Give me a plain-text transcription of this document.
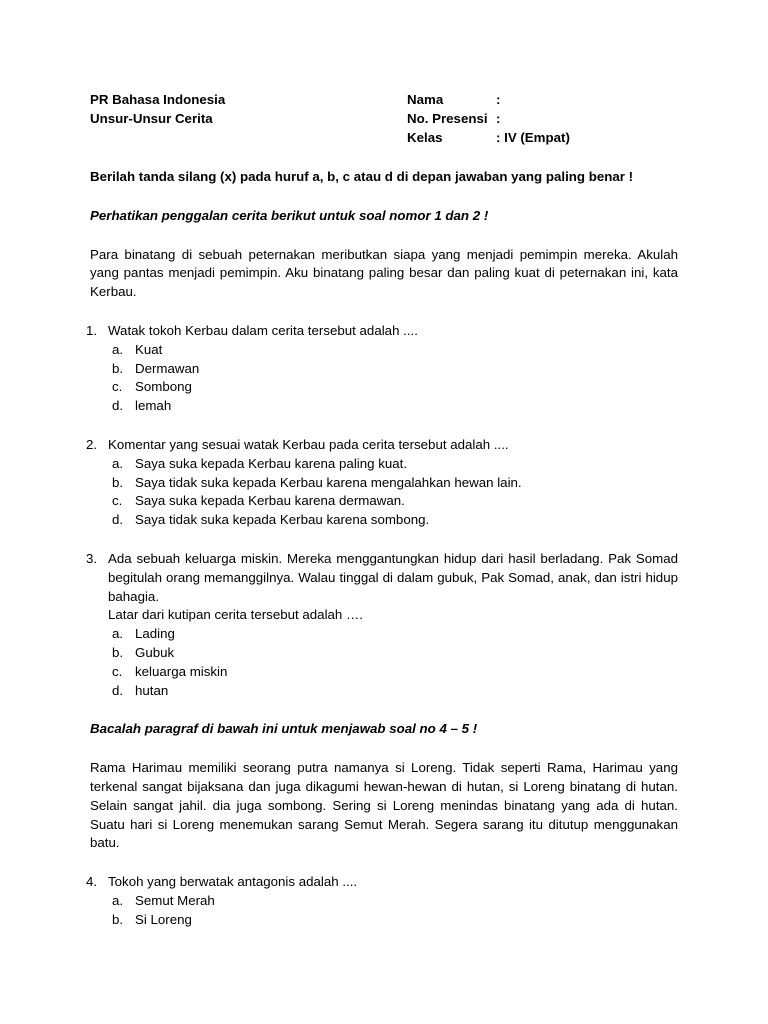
PR Bahasa Indonesia
Unsur-Unsur Cerita
Nama	:
No. Presensi :
Kelas	: IV (Empat)
Berilah tanda silang (x) pada huruf a, b, c atau d di depan jawaban yang paling benar !
Perhatikan penggalan cerita berikut untuk soal nomor 1 dan 2 !
Para binatang di sebuah peternakan meributkan siapa yang menjadi pemimpin mereka. Akulah yang pantas menjadi pemimpin. Aku binatang paling besar dan paling kuat di peternakan ini, kata Kerbau.
1. Watak tokoh Kerbau dalam cerita tersebut adalah ....
a. Kuat
b. Dermawan
c. Sombong
d. lemah
2. Komentar yang sesuai watak Kerbau pada cerita tersebut adalah ....
a. Saya suka kepada Kerbau karena paling kuat.
b. Saya tidak suka kepada Kerbau karena mengalahkan hewan lain.
c. Saya suka kepada Kerbau karena dermawan.
d. Saya tidak suka kepada Kerbau karena sombong.
3. Ada sebuah keluarga miskin. Mereka menggantungkan hidup dari hasil berladang. Pak Somad begitulah orang memanggilnya. Walau tinggal di dalam gubuk, Pak Somad, anak, dan istri hidup bahagia.
Latar dari kutipan cerita tersebut adalah ….
a. Lading
b. Gubuk
c. keluarga miskin
d. hutan
Bacalah paragraf di bawah ini untuk menjawab soal no 4 – 5 !
Rama Harimau memiliki seorang putra namanya si Loreng. Tidak seperti Rama, Harimau yang terkenal sangat bijaksana dan juga dikagumi hewan-hewan di hutan, si Loreng binatang di hutan. Selain sangat jahil. dia juga sombong. Sering si Loreng menindas binatang yang ada di hutan. Suatu hari si Loreng menemukan sarang Semut Merah. Segera sarang itu ditutup menggunakan batu.
4. Tokoh yang berwatak antagonis adalah ....
a. Semut Merah
b. Si Loreng
